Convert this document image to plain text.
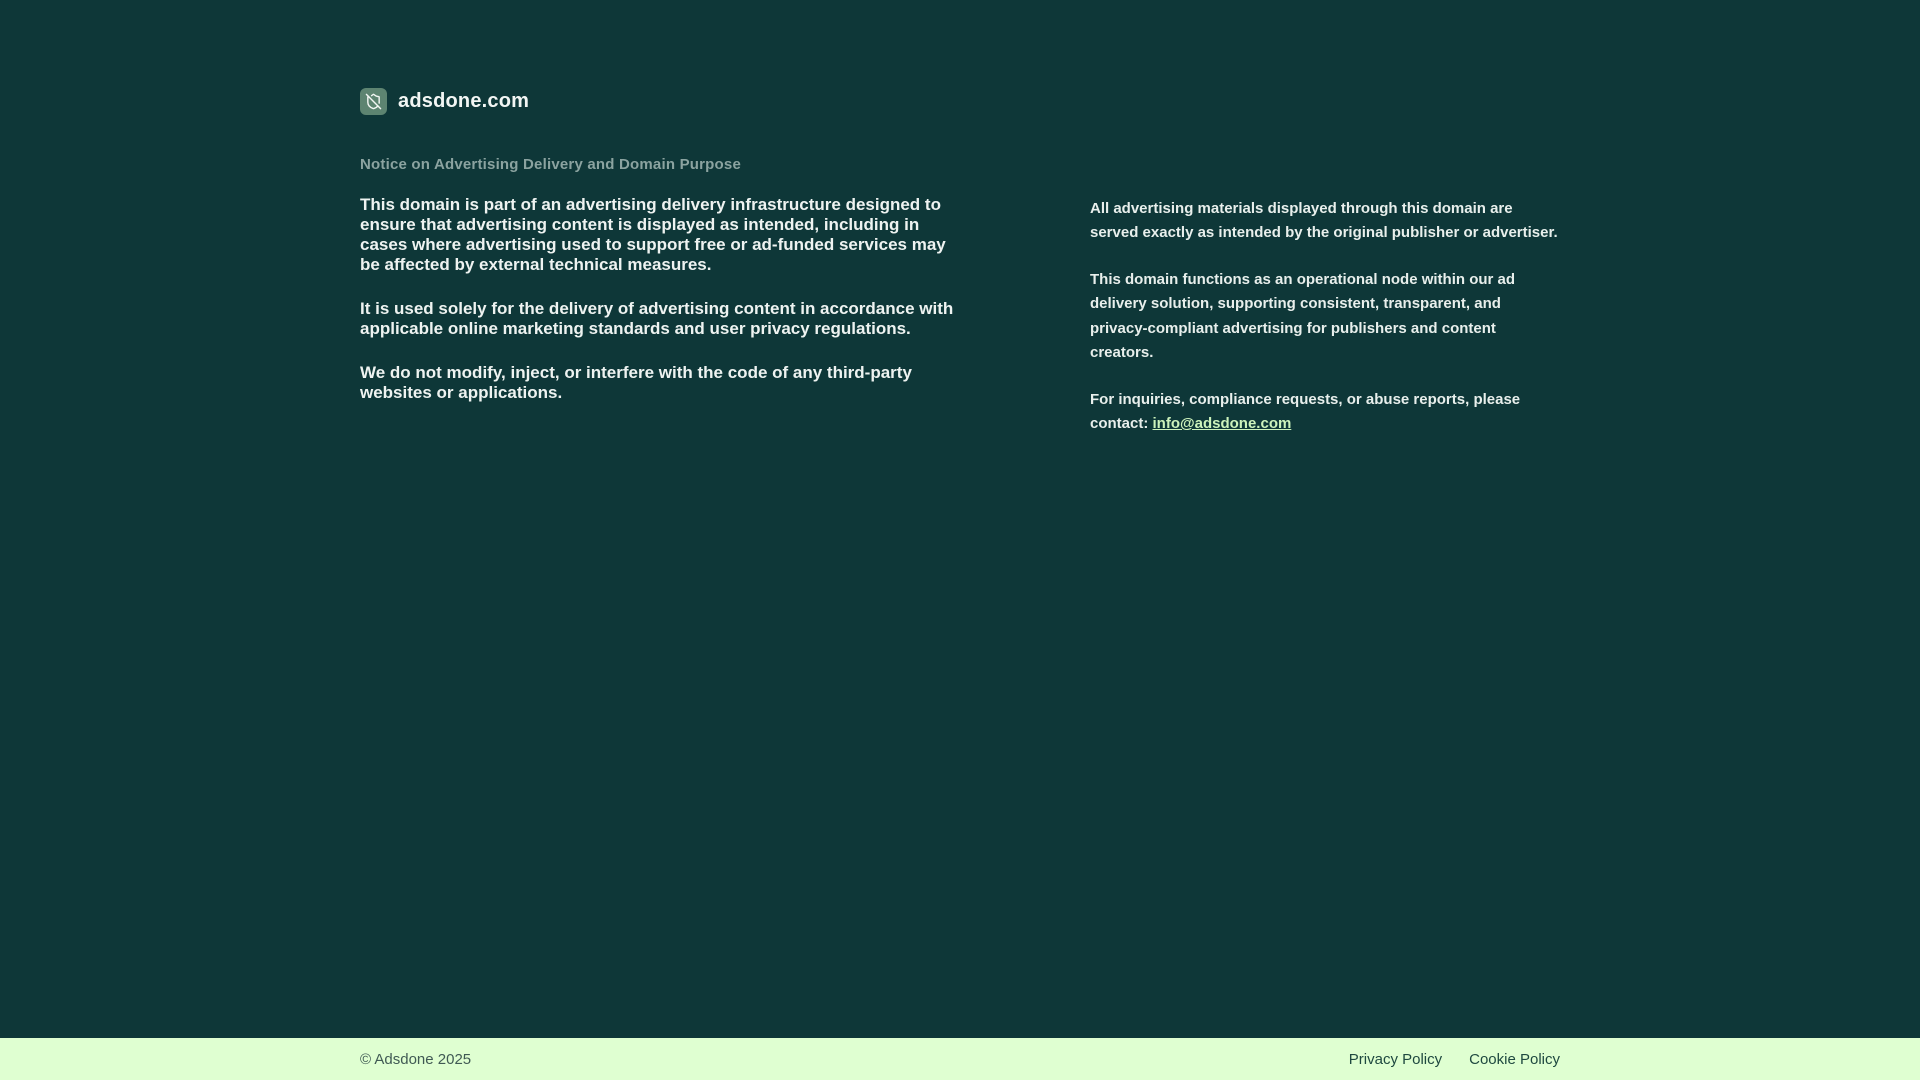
adsdone.com
Notice on Advertising Delivery and Domain Purpose

This domain is part of an advertising delivery infrastructure designed to ensure that advertising content is displayed as intended, including in cases where advertising used to support free or ad-funded services may be affected by external technical measures.

It is used solely for the delivery of advertising content in accordance with applicable online marketing standards and user privacy regulations.

We do not modify, inject, or interfere with the code of any third-party websites or applications.

All advertising materials displayed through this domain are served exactly as intended by the original publisher or advertiser.

This domain functions as an operational node within our ad delivery solution, supporting consistent, transparent, and privacy-compliant advertising for publishers and content creators.

For inquiries, compliance requests, or abuse reports, please contact: info@adsdone.com

© Adsdone 2025	Privacy Policy Cookie Policy
